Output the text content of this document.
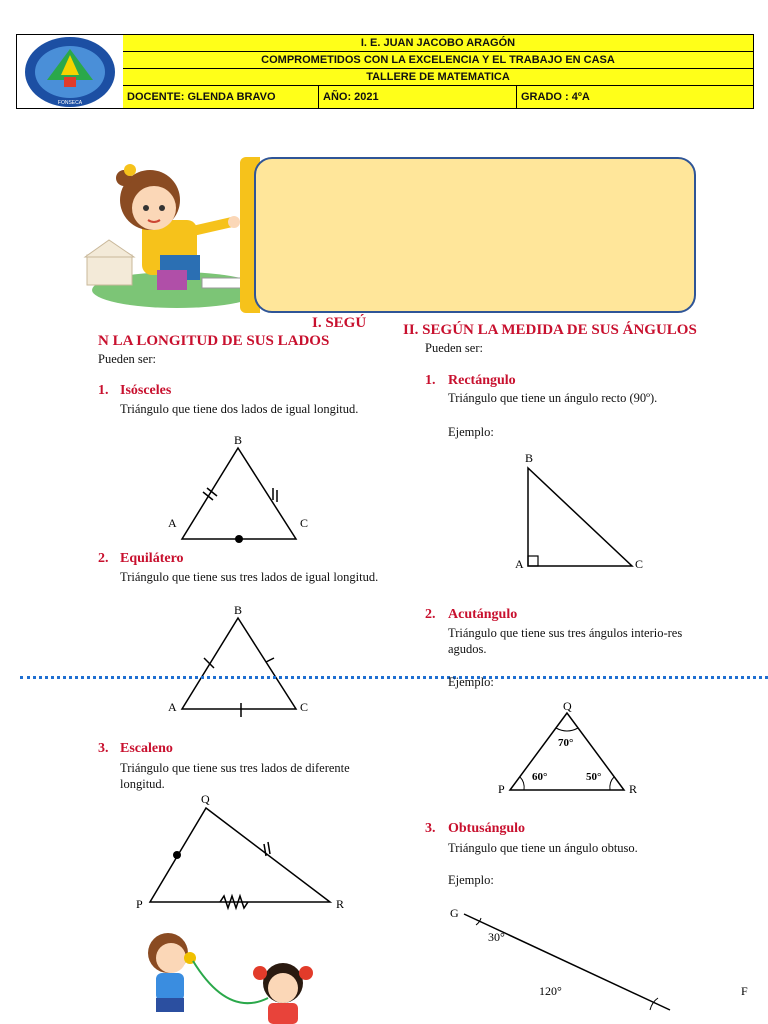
FONSECA
I. E. JUAN JACOBO ARAGÓN
COMPROMETIDOS CON LA EXCELENCIA Y EL TRABAJO EN CASA
TALLERE DE MATEMATICA
DOCENTE: GLENDA BRAVO	AÑO: 2021	GRADO : 4ºA
I. SEGÚ
N LA LONGITUD DE SUS LADOS
Pueden ser:
1. Isósceles
Triángulo que tiene dos lados de igual longitud.
B
A	C
2. Equilátero
Triángulo que tiene sus tres lados de igual longitud.
B
A	C
3. Escaleno
Triángulo que tiene sus tres lados de diferente longitud.
Q
P	R
II. SEGÚN LA MEDIDA DE SUS ÁNGULOS
Pueden ser:
1. Rectángulo
Triángulo que tiene un ángulo recto (90º).
Ejemplo:
B
A	C
2. Acutángulo
Triángulo que tiene sus tres ángulos interio-res agudos.
Ejemplo:
Q
P	R
70°
60°	50°
3. Obtusángulo
Triángulo que tiene un ángulo obtuso.
Ejemplo:
G
F
30°
120°
